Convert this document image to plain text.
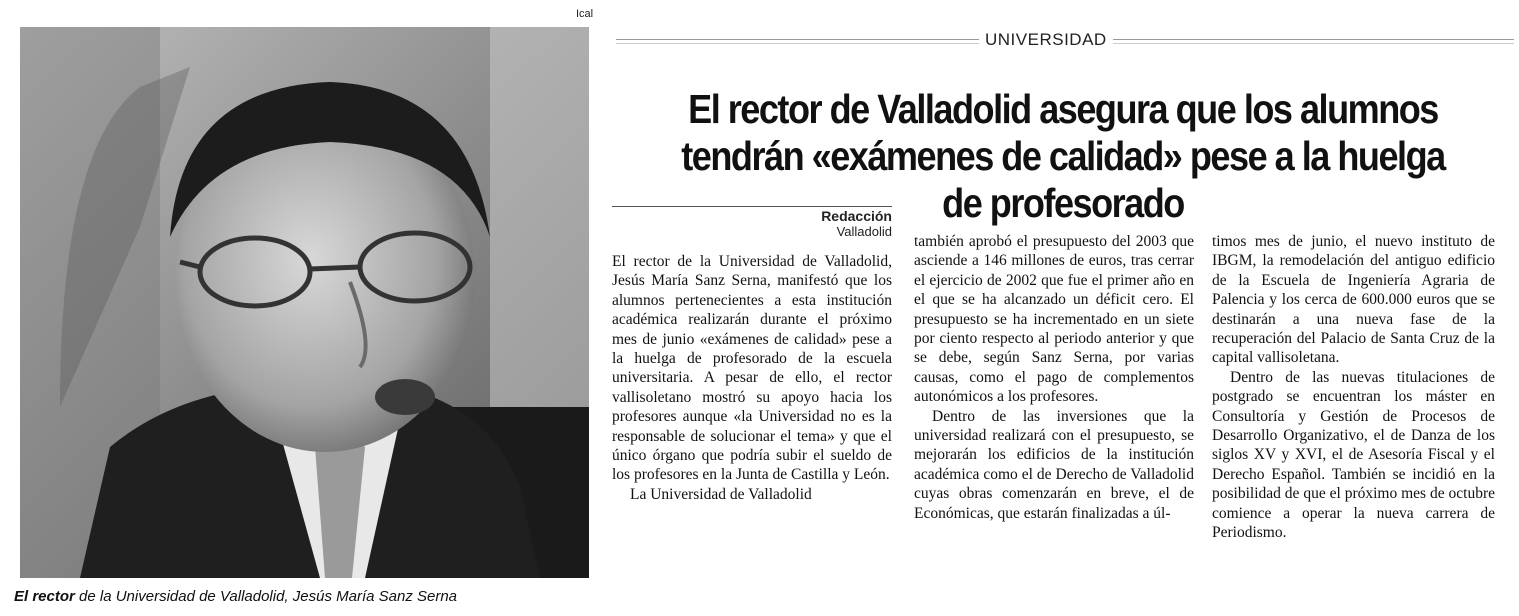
Ical
El rector de la Universidad de Valladolid, Jesús María Sanz Serna
UNIVERSIDAD
El rector de Valladolid asegura que los alumnos tendrán «exámenes de calidad» pese a la huelga de profesorado
Redacción
Valladolid

El rector de la Universidad de Valladolid, Jesús María Sanz Serna, manifestó que los alumnos pertenecientes a esta institución académica realizarán durante el próximo mes de junio «exámenes de calidad» pese a la huelga de profesorado de la escuela universitaria. A pesar de ello, el rector vallisoletano mostró su apoyo hacia los profesores aunque «la Universidad no es la responsable de solucionar el tema» y que el único órgano que podría subir el sueldo de los profesores en la Junta de Castilla y León.

La Universidad de Valladolid

también aprobó el presupuesto del 2003 que asciende a 146 millones de euros, tras cerrar el ejercicio de 2002 que fue el primer año en el que se ha alcanzado un déficit cero. El presupuesto se ha incrementado en un siete por ciento respecto al periodo anterior y que se debe, según Sanz Serna, por varias causas, como el pago de complementos autonómicos a los profesores.

Dentro de las inversiones que la universidad realizará con el presupuesto, se mejorarán los edificios de la institución académica como el de Derecho de Valladolid cuyas obras comenzarán en breve, el de Económicas, que estarán finalizadas a úl-

timos mes de junio, el nuevo instituto de IBGM, la remodelación del antiguo edificio de la Escuela de Ingeniería Agraria de Palencia y los cerca de 600.000 euros que se destinarán a una nueva fase de la recuperación del Palacio de Santa Cruz de la capital vallisoletana.

Dentro de las nuevas titulaciones de postgrado se encuentran los máster en Consultoría y Gestión de Procesos de Desarrollo Organizativo, el de Danza de los siglos XV y XVI, el de Asesoría Fiscal y el Derecho Español. También se incidió en la posibilidad de que el próximo mes de octubre comience a operar la nueva carrera de Periodismo.
